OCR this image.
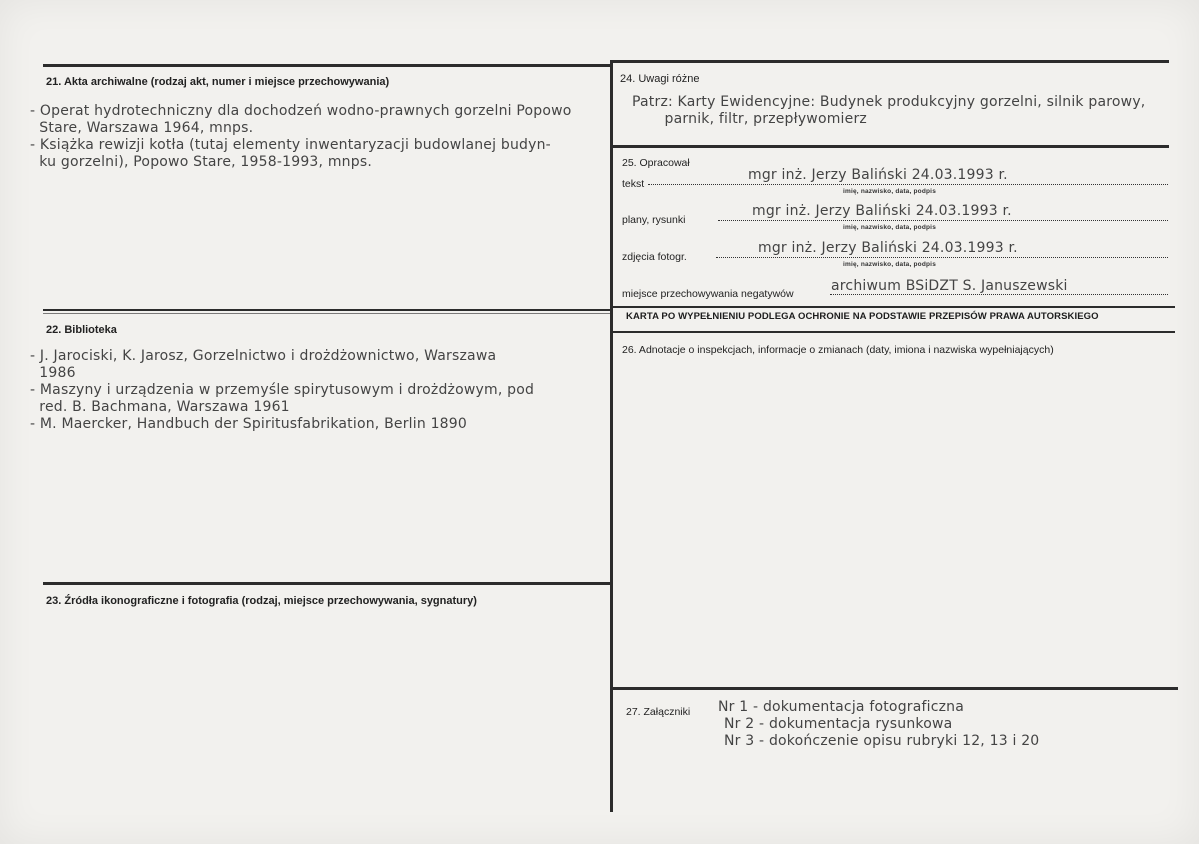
21. Akta archiwalne (rodzaj akt, numer i miejsce przechowywania)
- Operat hydrotechniczny dla dochodzeń wodno-prawnych gorzelni Popowo
Stare, Warszawa 1964, mnps.
- Książka rewizji kotła (tutaj elementy inwentaryzacji budowlanej budyn-
ku gorzelni), Popowo Stare, 1958-1993, mnps.
22. Biblioteka
- J. Jarociski, K. Jarosz, Gorzelnictwo i drożdżownictwo, Warszawa
1986
- Maszyny i urządzenia w przemyśle spirytusowym i drożdżowym, pod
red. B. Bachmana, Warszawa 1961
- M. Maercker, Handbuch der Spiritusfabrikation, Berlin 1890
23. Źródła ikonograficzne i fotografia (rodzaj, miejsce przechowywania, sygnatury)
24. Uwagi różne
Patrz: Karty Ewidencyjne: Budynek produkcyjny gorzelni, silnik parowy,
parnik, filtr, przepływomierz
25. Opracował
tekst
mgr inż. Jerzy Baliński 24.03.1993 r.
imię, nazwisko, data, podpis
plany, rysunki
mgr inż. Jerzy Baliński 24.03.1993 r.
imię, nazwisko, data, podpis
zdjęcia fotogr.
mgr inż. Jerzy Baliński 24.03.1993 r.
imię, nazwisko, data, podpis
miejsce przechowywania negatywów	archiwum BSiDZT S. Januszewski
KARTA PO WYPEŁNIENIU PODLEGA OCHRONIE NA PODSTAWIE PRZEPISÓW PRAWA AUTORSKIEGO
26. Adnotacje o inspekcjach, informacje o zmianach (daty, imiona i nazwiska wypełniających)
27. Załączniki Nr 1 - dokumentacja fotograficzna
Nr 2 - dokumentacja rysunkowa
Nr 3 - dokończenie opisu rubryki 12, 13 i 20
